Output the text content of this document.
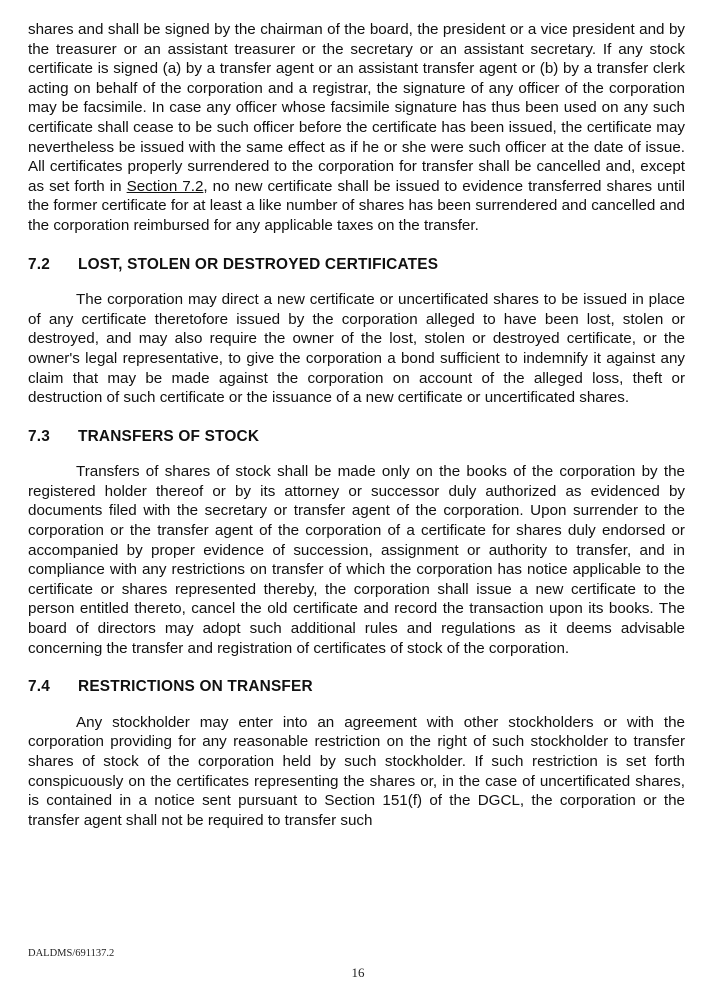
shares and shall be signed by the chairman of the board, the president or a vice president and by the treasurer or an assistant treasurer or the secretary or an assistant secretary. If any stock certificate is signed (a) by a transfer agent or an assistant transfer agent or (b) by a transfer clerk acting on behalf of the corporation and a registrar, the signature of any officer of the corporation may be facsimile. In case any officer whose facsimile signature has thus been used on any such certificate shall cease to be such officer before the certificate has been issued, the certificate may nevertheless be issued with the same effect as if he or she were such officer at the date of issue. All certificates properly surrendered to the corporation for transfer shall be cancelled and, except as set forth in Section 7.2, no new certificate shall be issued to evidence transferred shares until the former certificate for at least a like number of shares has been surrendered and cancelled and the corporation reimbursed for any applicable taxes on the transfer.

7.2	LOST, STOLEN OR DESTROYED CERTIFICATES

The corporation may direct a new certificate or uncertificated shares to be issued in place of any certificate theretofore issued by the corporation alleged to have been lost, stolen or destroyed, and may also require the owner of the lost, stolen or destroyed certificate, or the owner's legal representative, to give the corporation a bond sufficient to indemnify it against any claim that may be made against the corporation on account of the alleged loss, theft or destruction of such certificate or the issuance of a new certificate or uncertificated shares.

7.3	TRANSFERS OF STOCK

Transfers of shares of stock shall be made only on the books of the corporation by the registered holder thereof or by its attorney or successor duly authorized as evidenced by documents filed with the secretary or transfer agent of the corporation. Upon surrender to the corporation or the transfer agent of the corporation of a certificate for shares duly endorsed or accompanied by proper evidence of succession, assignment or authority to transfer, and in compliance with any restrictions on transfer of which the corporation has notice applicable to the certificate or shares represented thereby, the corporation shall issue a new certificate to the person entitled thereto, cancel the old certificate and record the transaction upon its books. The board of directors may adopt such additional rules and regulations as it deems advisable concerning the transfer and registration of certificates of stock of the corporation.

7.4	RESTRICTIONS ON TRANSFER

Any stockholder may enter into an agreement with other stockholders or with the corporation providing for any reasonable restriction on the right of such stockholder to transfer shares of stock of the corporation held by such stockholder. If such restriction is set forth conspicuously on the certificates representing the shares or, in the case of uncertificated shares, is contained in a notice sent pursuant to Section 151(f) of the DGCL, the corporation or the transfer agent shall not be required to transfer such

DALDMS/691137.2
16
